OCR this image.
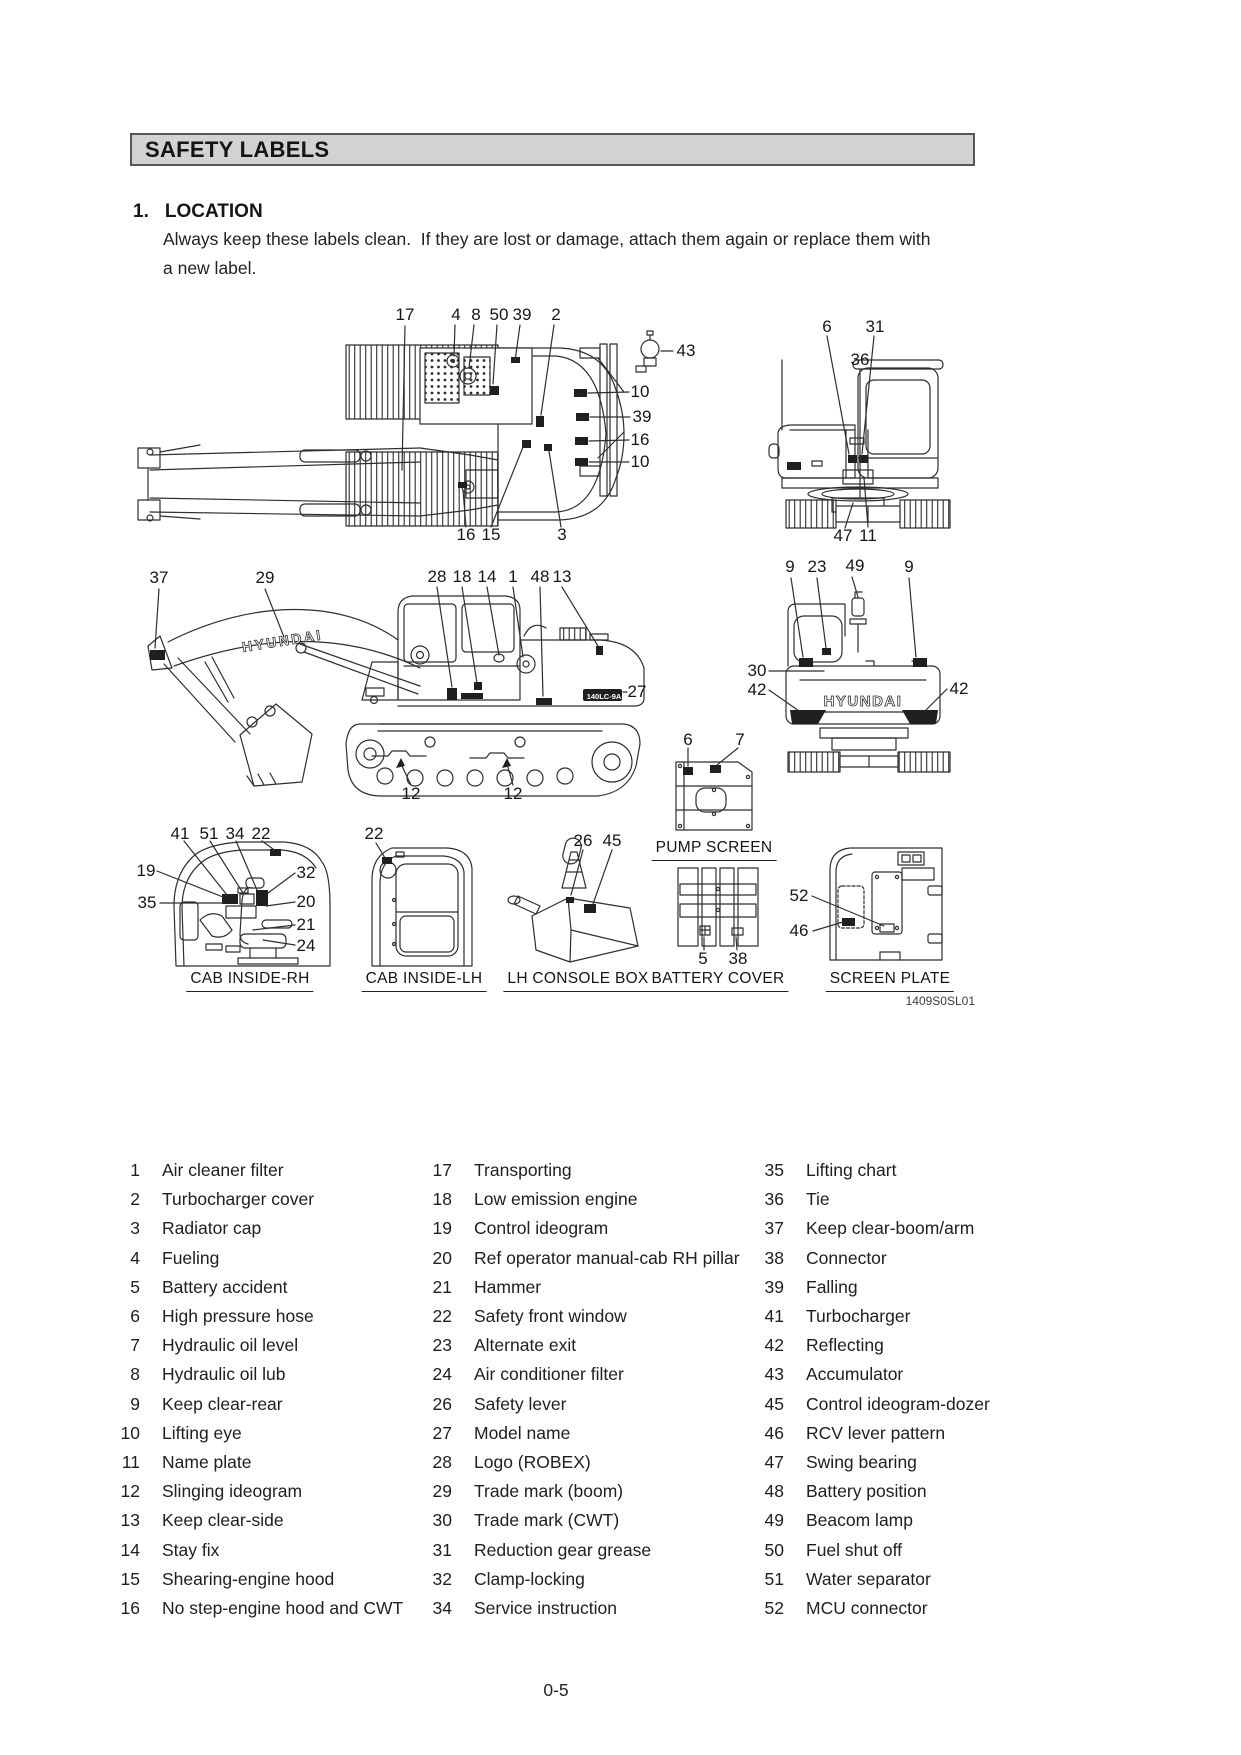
SAFETY LABELS
1. LOCATION

Always keep these labels clean.  If they are lost or damage, attach them again or replace them with

a new label.

140LC-9A
HYUNDAI
HYUNDAI
17 4 8 50 39 2
43
10
39
16
10
16 15	3
6 31
36
47 11
37	29	28 18 14 1 48 13
27
12	12
9 23 49 9
30
42	42
6	7
41 51 34 22
19
35
32
20
21
24
22	26 45
5 38
52
46
CAB INSIDE-RH	CAB INSIDE-LH LH CONSOLE BOX
PUMP SCREEN
BATTERY COVER	SCREEN PLATE
1409S0SL01
1 Air cleaner filter
2 Turbocharger cover
3 Radiator cap
4 Fueling
5 Battery accident
6 High pressure hose
7 Hydraulic oil level
8 Hydraulic oil lub
9 Keep clear-rear
10 Lifting eye
11 Name plate
12 Slinging ideogram
13 Keep clear-side
14 Stay fix
15 Shearing-engine hood
16 No step-engine hood and CWT
17 Transporting
18 Low emission engine
19 Control ideogram
20 Ref operator manual-cab RH pillar
21 Hammer
22 Safety front window
23 Alternate exit
24 Air conditioner filter
26 Safety lever
27 Model name
28 Logo (ROBEX)
29 Trade mark (boom)
30 Trade mark (CWT)
31 Reduction gear grease
32 Clamp-locking
34 Service instruction
35 Lifting chart
36 Tie
37 Keep clear-boom/arm
38 Connector
39 Falling
41 Turbocharger
42 Reflecting
43 Accumulator
45 Control ideogram-dozer
46 RCV lever pattern
47 Swing bearing
48 Battery position
49 Beacom lamp
50 Fuel shut off
51 Water separator
52 MCU connector
0-5
